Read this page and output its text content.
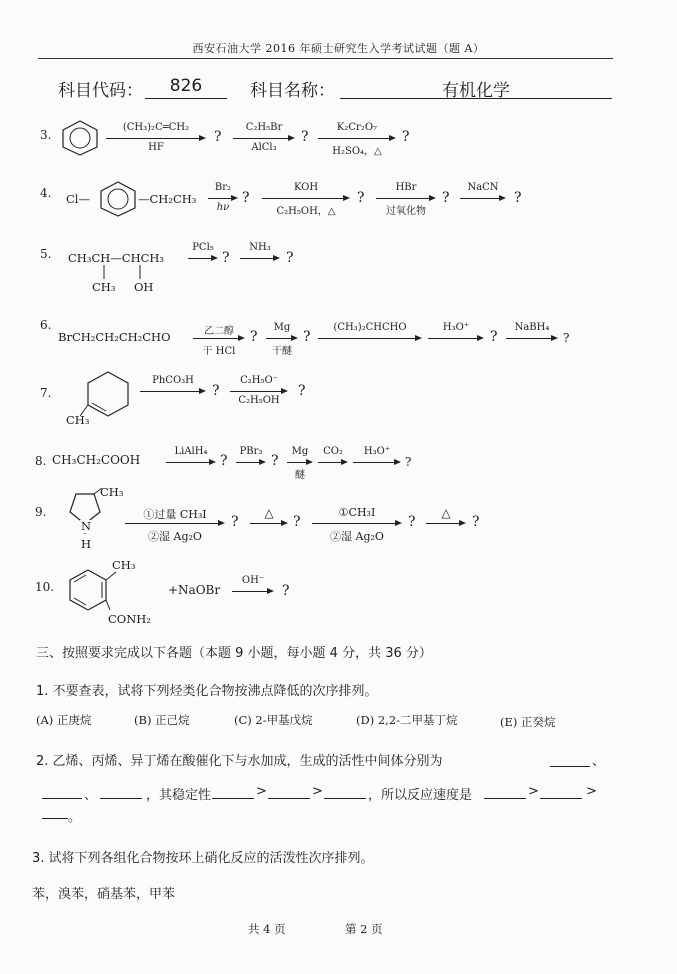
西安石油大学 2016 年硕士研究生入学考试试题（题 A）
科目代码：	826	科目名称：	有机化学
3.
(CH₃)₂C═CH₂
HF
?
C₂H₅Br
AlCl₃
?
K₂Cr₂O₇
H₂SO₄，△
?
4. Cl—	—CH₂CH₃
Br₂
hν
?
KOH
C₂H₅OH，△
?
HBr
过氧化物
?
NaCN
?
5. CH₃CH—CHCH₃
CH₃ OH
PCl₅
?
NH₃
?
6.
BrCH₂CH₂CH₂CHO	乙二醇
干 HCl
?
Mg
干醚
?
(CH₃)₂CHCHO	H₃O⁺
?
NaBH₄
?
7.
CH₃
PhCO₃H
?
C₂H₅O⁻
C₂H₅OH
?
8. CH₃CH₂COOH
LiAlH₄
?
PBr₃
?
Mg
醚
CO₂	H₃O⁺
?
9.
CH₃
N
H
①过量 CH₃I
②湿 Ag₂O
?
△
?
①CH₃I
②湿 Ag₂O
?
△
?
10.
CH₃
CONH₂
+NaOBr
OH⁻
?
三、按照要求完成以下各题（本题 9 小题，每小题 4 分，共 36 分）
1. 不要查表，试将下列烃类化合物按沸点降低的次序排列。
(A) 正庚烷	(B) 正己烷	(C) 2-甲基戊烷	(D) 2,2-二甲基丁烷	(E) 正癸烷
2. 乙烯、丙烯、异丁烯在酸催化下与水加成，生成的活性中间体分别为	、
、	，其稳定性	>	>	，所以反应速度是	>	>
。
3. 试将下列各组化合物按环上硝化反应的活泼性次序排列。
苯，溴苯，硝基苯，甲苯
共 4 页	第 2 页
